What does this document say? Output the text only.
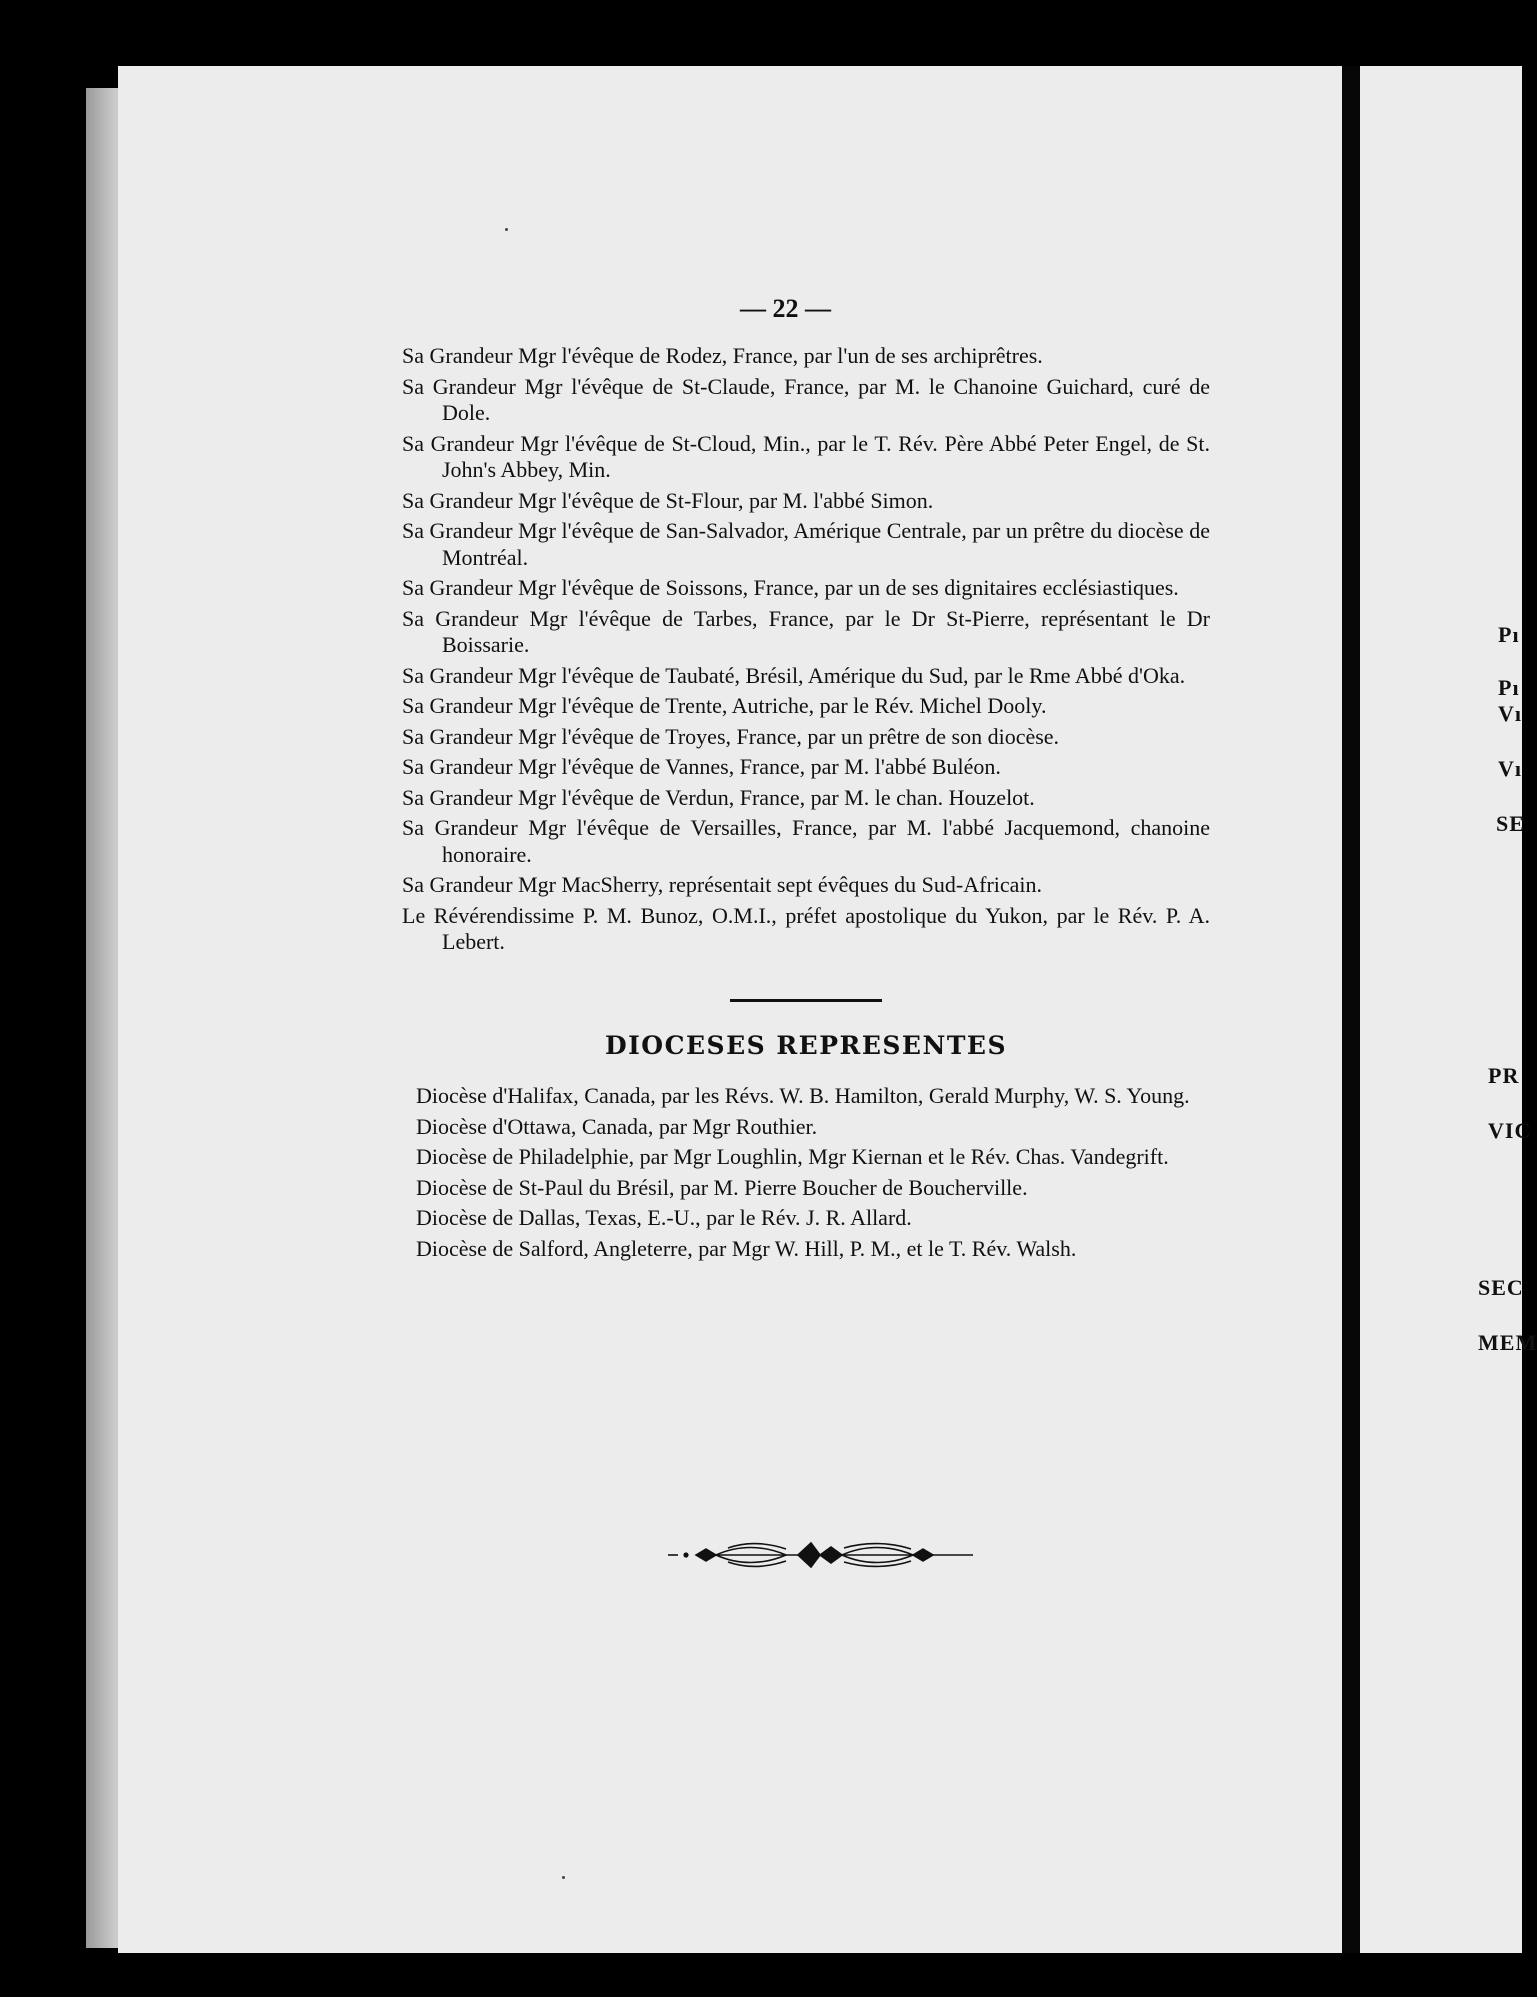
Pı
Pı
Vı
Vı
SE
PR
VIC
SEC
MEM
— 22 —

Sa Grandeur Mgr l'évêque de Rodez, France, par l'un de ses archiprêtres.

Sa Grandeur Mgr l'évêque de St-Claude, France, par M. le Chanoine Guichard, curé de Dole.

Sa Grandeur Mgr l'évêque de St-Cloud, Min., par le T. Rév. Père Abbé Peter Engel, de St. John's Abbey, Min.

Sa Grandeur Mgr l'évêque de St-Flour, par M. l'abbé Simon.

Sa Grandeur Mgr l'évêque de San-Salvador, Amérique Centrale, par un prêtre du diocèse de Montréal.

Sa Grandeur Mgr l'évêque de Soissons, France, par un de ses dignitaires ecclésiastiques.

Sa Grandeur Mgr l'évêque de Tarbes, France, par le Dr St-Pierre, représentant le Dr Boissarie.

Sa Grandeur Mgr l'évêque de Taubaté, Brésil, Amérique du Sud, par le Rme Abbé d'Oka.

Sa Grandeur Mgr l'évêque de Trente, Autriche, par le Rév. Michel Dooly.

Sa Grandeur Mgr l'évêque de Troyes, France, par un prêtre de son diocèse.

Sa Grandeur Mgr l'évêque de Vannes, France, par M. l'abbé Buléon.

Sa Grandeur Mgr l'évêque de Verdun, France, par M. le chan. Houzelot.

Sa Grandeur Mgr l'évêque de Versailles, France, par M. l'abbé Jacquemond, chanoine honoraire.

Sa Grandeur Mgr MacSherry, représentait sept évêques du Sud-Africain.

Le Révérendissime P. M. Bunoz, O.M.I., préfet apostolique du Yukon, par le Rév. P. A. Lebert.

DIOCESES REPRESENTES

Diocèse d'Halifax, Canada, par les Révs. W. B. Hamilton, Gerald Murphy, W. S. Young.

Diocèse d'Ottawa, Canada, par Mgr Routhier.

Diocèse de Philadelphie, par Mgr Loughlin, Mgr Kiernan et le Rév. Chas. Vandegrift.

Diocèse de St-Paul du Brésil, par M. Pierre Boucher de Boucherville.

Diocèse de Dallas, Texas, E.-U., par le Rév. J. R. Allard.

Diocèse de Salford, Angleterre, par Mgr W. Hill, P. M., et le T. Rév. Walsh.
